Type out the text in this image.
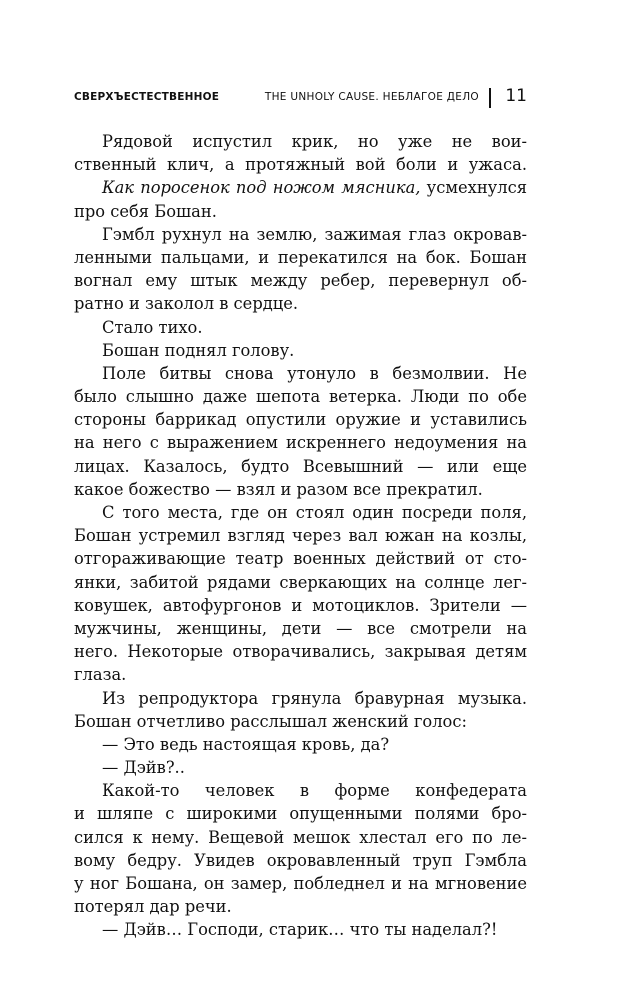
СВЕРХЪЕСТЕСТВЕННОЕ	THE UNHOLY CAUSE. НЕБЛАГОЕ ДЕЛО 11
Рядовой испустил крик, но уже не вои-
ственный клич, а протяжный вой боли и ужаса.
Как поросенок под ножом мясника, усмехнулся
про себя Бошан.
Гэмбл рухнул на землю, зажимая глаз окровав-
ленными пальцами, и перекатился на бок. Бошан
вогнал ему штык между ребер, перевернул об-
ратно и заколол в сердце.
Стало тихо.
Бошан поднял голову.
Поле битвы снова утонуло в безмолвии. Не
было слышно даже шепота ветерка. Люди по обе
стороны баррикад опустили оружие и уставились
на него с выражением искреннего недоумения на
лицах. Казалось, будто Всевышний — или еще
какое божество — взял и разом все прекратил.
С того места, где он стоял один посреди поля,
Бошан устремил взгляд через вал южан на козлы,
отгораживающие театр военных действий от сто-
янки, забитой рядами сверкающих на солнце лег-
ковушек, автофургонов и мотоциклов. Зрители —
мужчины, женщины, дети — все смотрели на
него. Некоторые отворачивались, закрывая детям
глаза.
Из репродуктора грянула бравурная музыка.
Бошан отчетливо расслышал женский голос:
— Это ведь настоящая кровь, да?
— Дэйв?..
Какой-то человек в форме конфедерата
и шляпе с широкими опущенными полями бро-
сился к нему. Вещевой мешок хлестал его по ле-
вому бедру. Увидев окровавленный труп Гэмбла
у ног Бошана, он замер, побледнел и на мгновение
потерял дар речи.
— Дэйв… Господи, старик… что ты наделал?!
